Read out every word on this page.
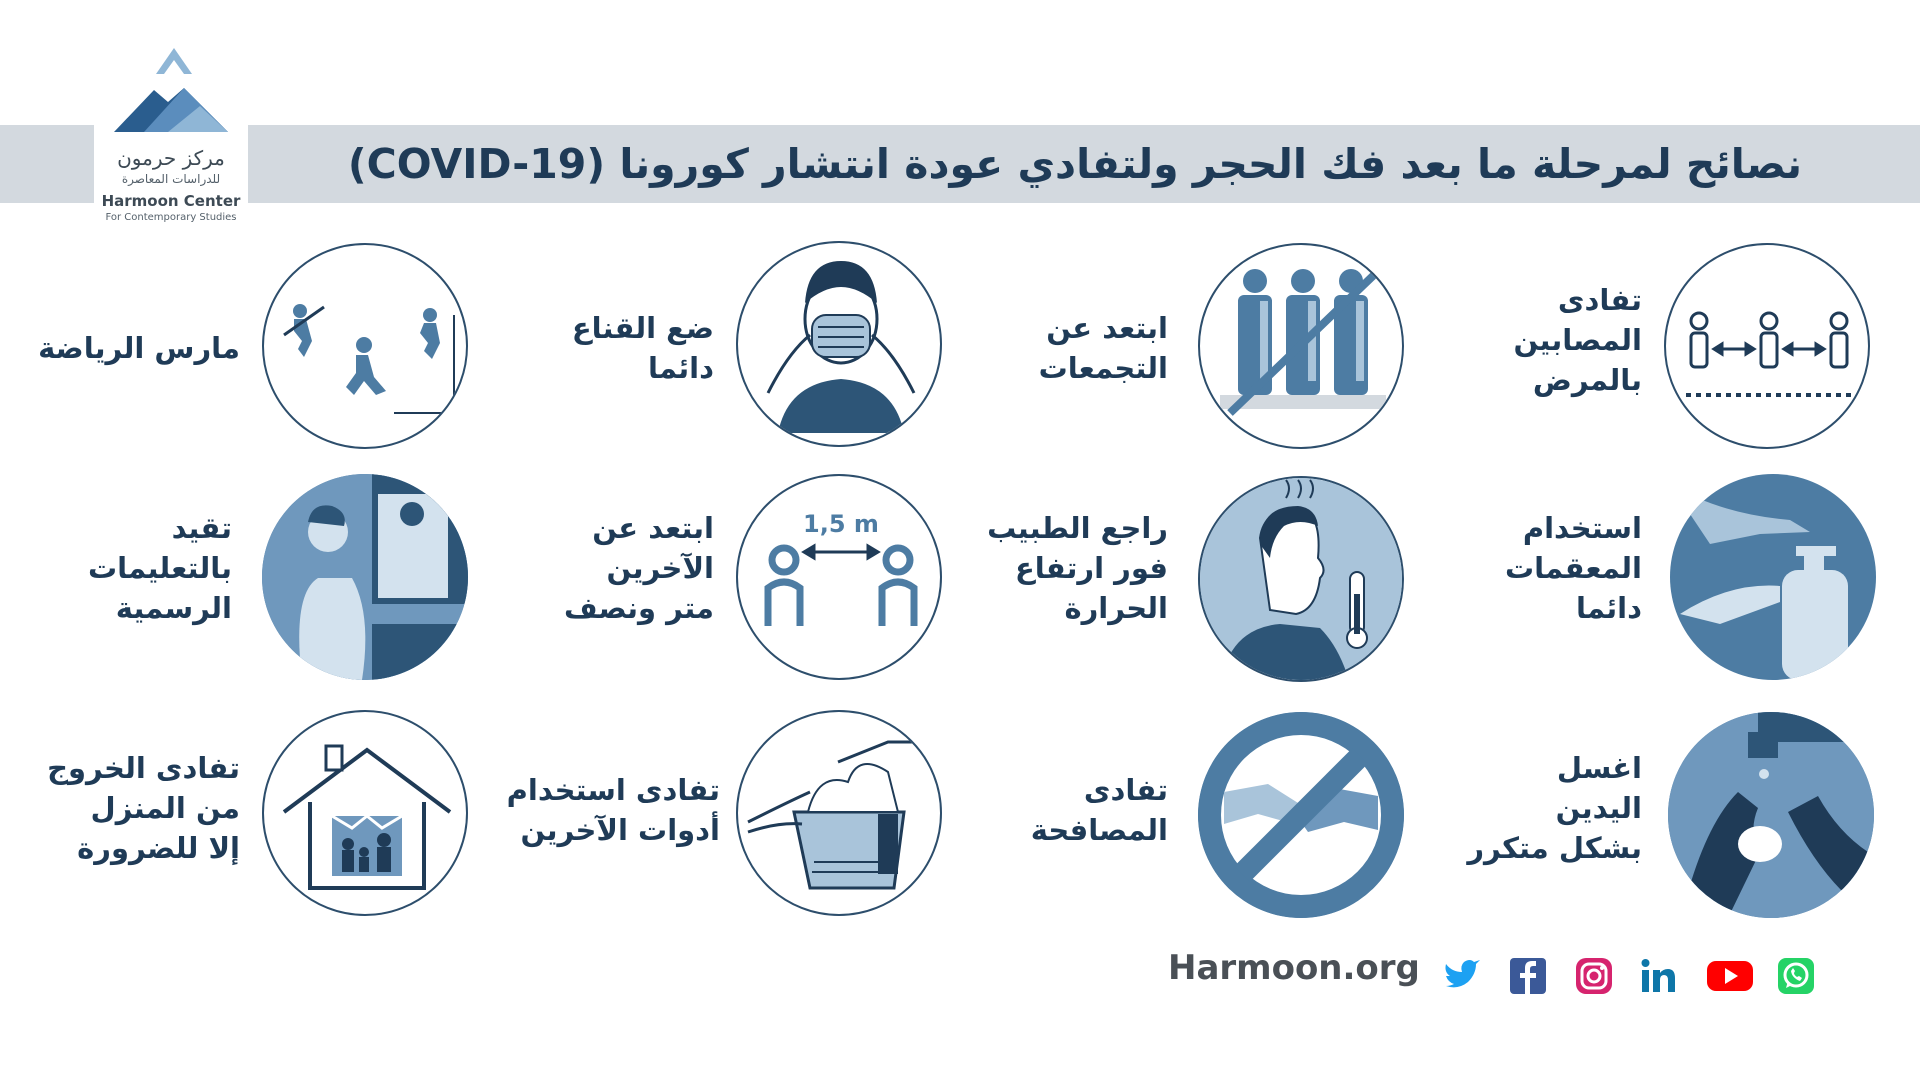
نصائح لمرحلة ما بعد فك الحجر ولتفادي عودة انتشار كورونا (COVID-19)
مركز حرمون
للدراسات المعاصرة
Harmoon Center
For Contemporary Studies
تفادى
المصابين
بالمرض
ابتعد عن
التجمعات
ضع القناع
دائما
مارس الرياضة
استخدام
المعقمات
دائما
راجع الطبيب
فور ارتفاع
الحرارة
1,5 m
ابتعد عن
الآخرين
متر ونصف
تقيد
بالتعليمات
الرسمية
اغسل
اليدين
بشكل متكرر
تفادى
المصافحة
تفادى استخدام
أدوات الآخرين
تفادى الخروج
من المنزل
إلا للضرورة
Harmoon.org
